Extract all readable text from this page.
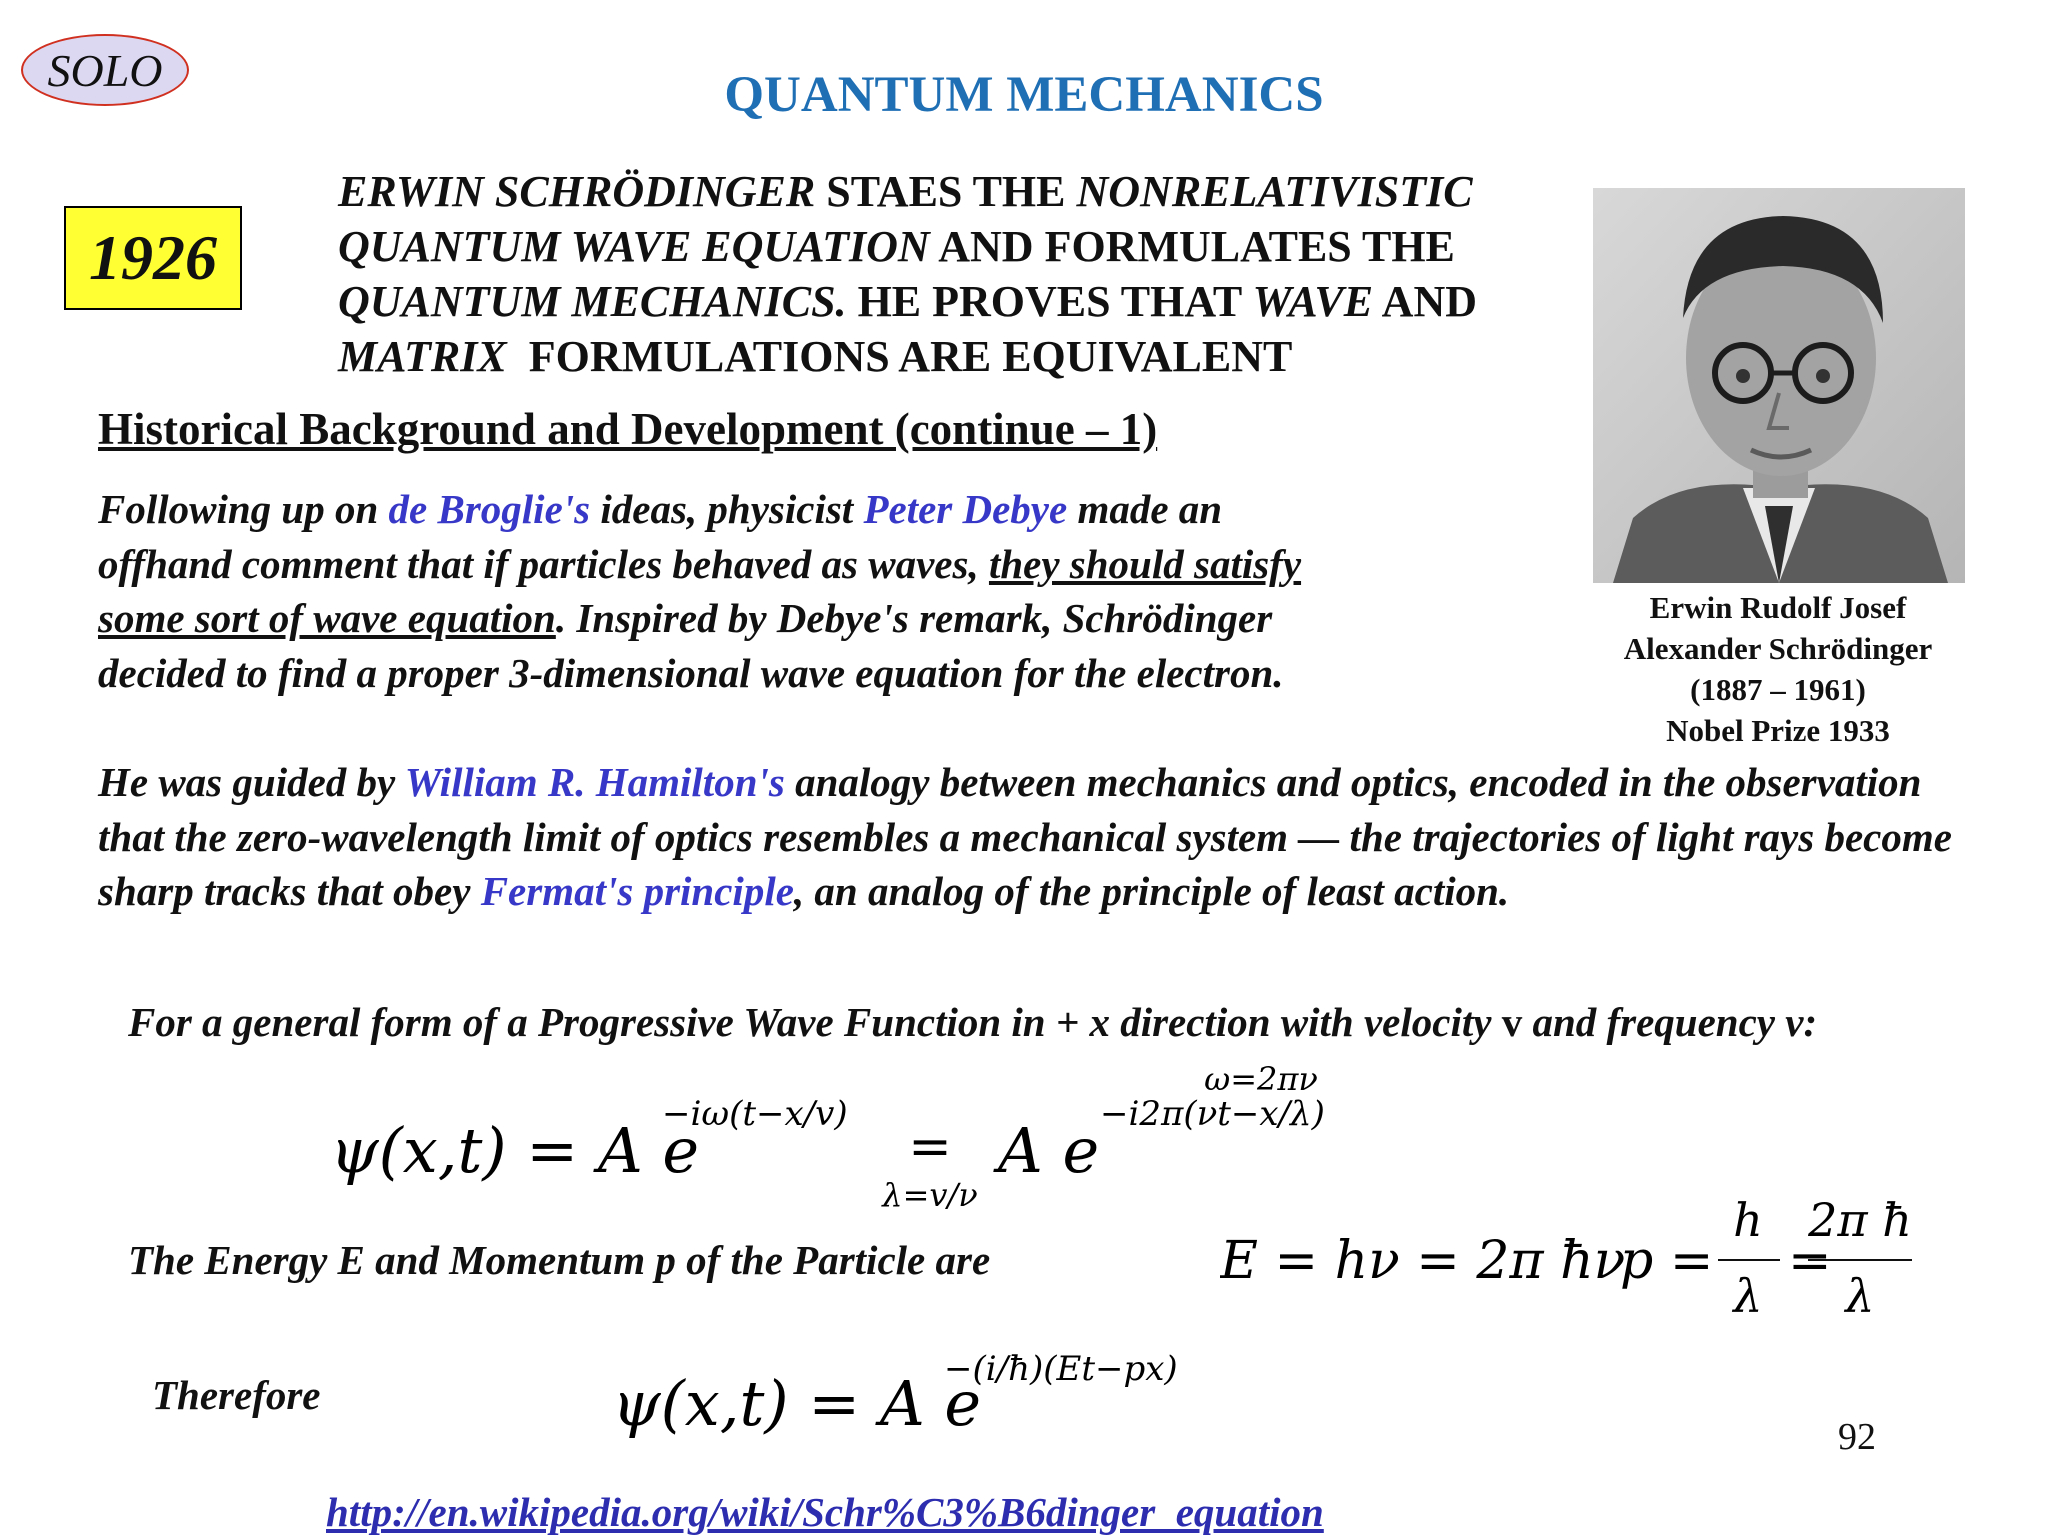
SOLO	QUANTUM MECHANICS
1926
ERWIN SCHRÖDINGER STAES THE NONRELATIVISTIC
QUANTUM WAVE EQUATION AND FORMULATES THE
QUANTUM MECHANICS. HE PROVES THAT WAVE AND
MATRIX  FORMULATIONS ARE EQUIVALENT
Erwin Rudolf Josef
Alexander Schrödinger
(1887 – 1961)
Nobel Prize 1933
Historical Background and Development (continue – 1)
Following up on de Broglie's ideas, physicist Peter Debye made an offhand comment that if particles behaved as waves, they should satisfy some sort of wave equation. Inspired by Debye's remark, Schrödinger decided to find a proper 3-dimensional wave equation for the electron.
He was guided by William R. Hamilton's analogy between mechanics and optics, encoded in the observation that the zero-wavelength limit of optics resembles a mechanical system — the trajectories of light rays become sharp tracks that obey Fermat's principle, an analog of the principle of least action.
For a general form of a Progressive Wave Function in + x direction with velocity v and frequency ν:
ψ(x,t) = A e
−iω(t−x/v)
ω=2πν
=
λ=v/ν
A e −i2π(νt−x/λ)
The Energy E and Momentum p of the Particle are	E = hν = 2π ħν
p =
h
λ
=
2π ħ
λ
Therefore	ψ(x,t) = A e
−(i/ħ)(Et−px)
92
http://en.wikipedia.org/wiki/Schr%C3%B6dinger_equation
